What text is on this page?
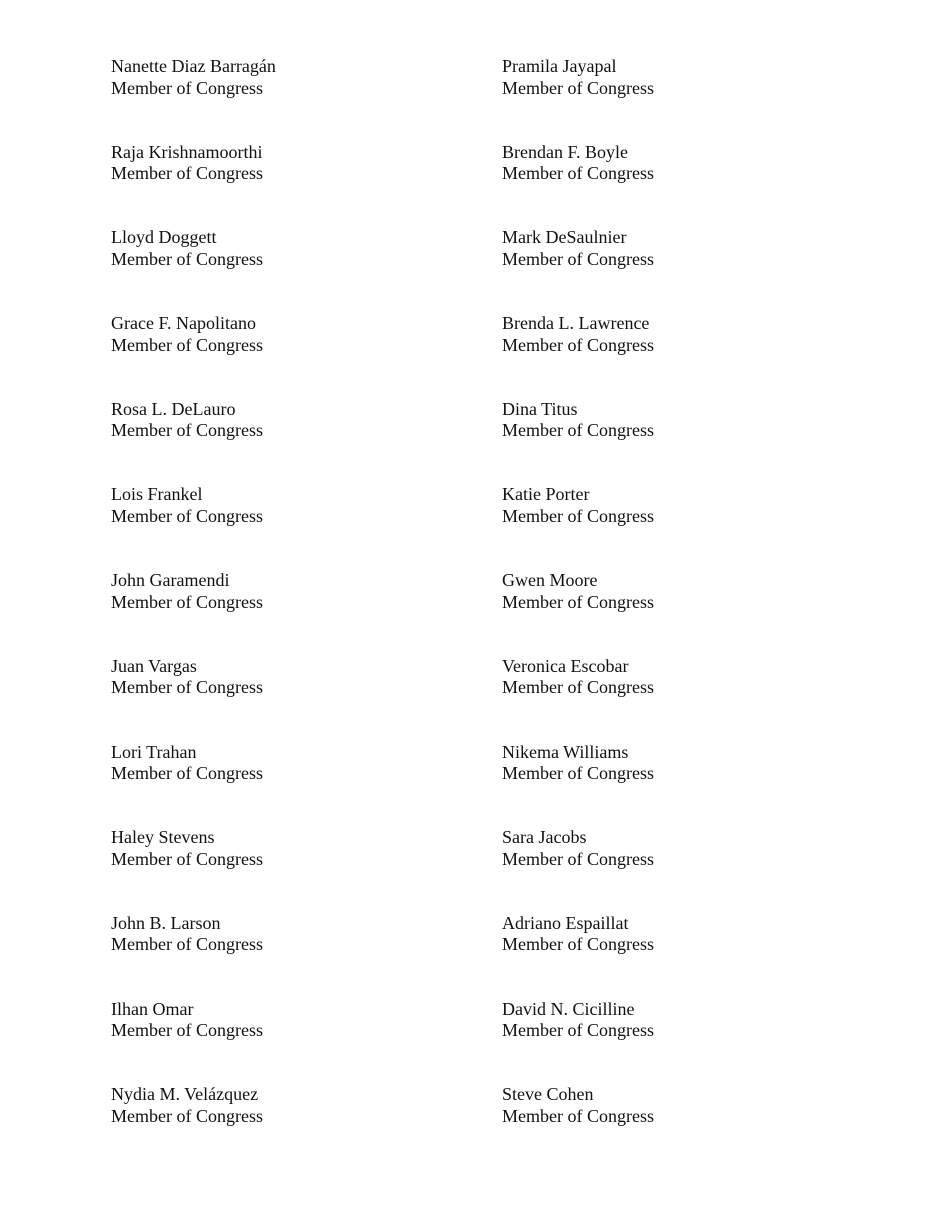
Nanette Diaz Barragán
Member of Congress
Pramila Jayapal
Member of Congress
Raja Krishnamoorthi
Member of Congress
Brendan F. Boyle
Member of Congress
Lloyd Doggett
Member of Congress
Mark DeSaulnier
Member of Congress
Grace F. Napolitano
Member of Congress
Brenda L. Lawrence
Member of Congress
Rosa L. DeLauro
Member of Congress
Dina Titus
Member of Congress
Lois Frankel
Member of Congress
Katie Porter
Member of Congress
John Garamendi
Member of Congress
Gwen Moore
Member of Congress
Juan Vargas
Member of Congress
Veronica Escobar
Member of Congress
Lori Trahan
Member of Congress
Nikema Williams
Member of Congress
Haley Stevens
Member of Congress
Sara Jacobs
Member of Congress
John B. Larson
Member of Congress
Adriano Espaillat
Member of Congress
Ilhan Omar
Member of Congress
David N. Cicilline
Member of Congress
Nydia M. Velázquez
Member of Congress
Steve Cohen
Member of Congress
